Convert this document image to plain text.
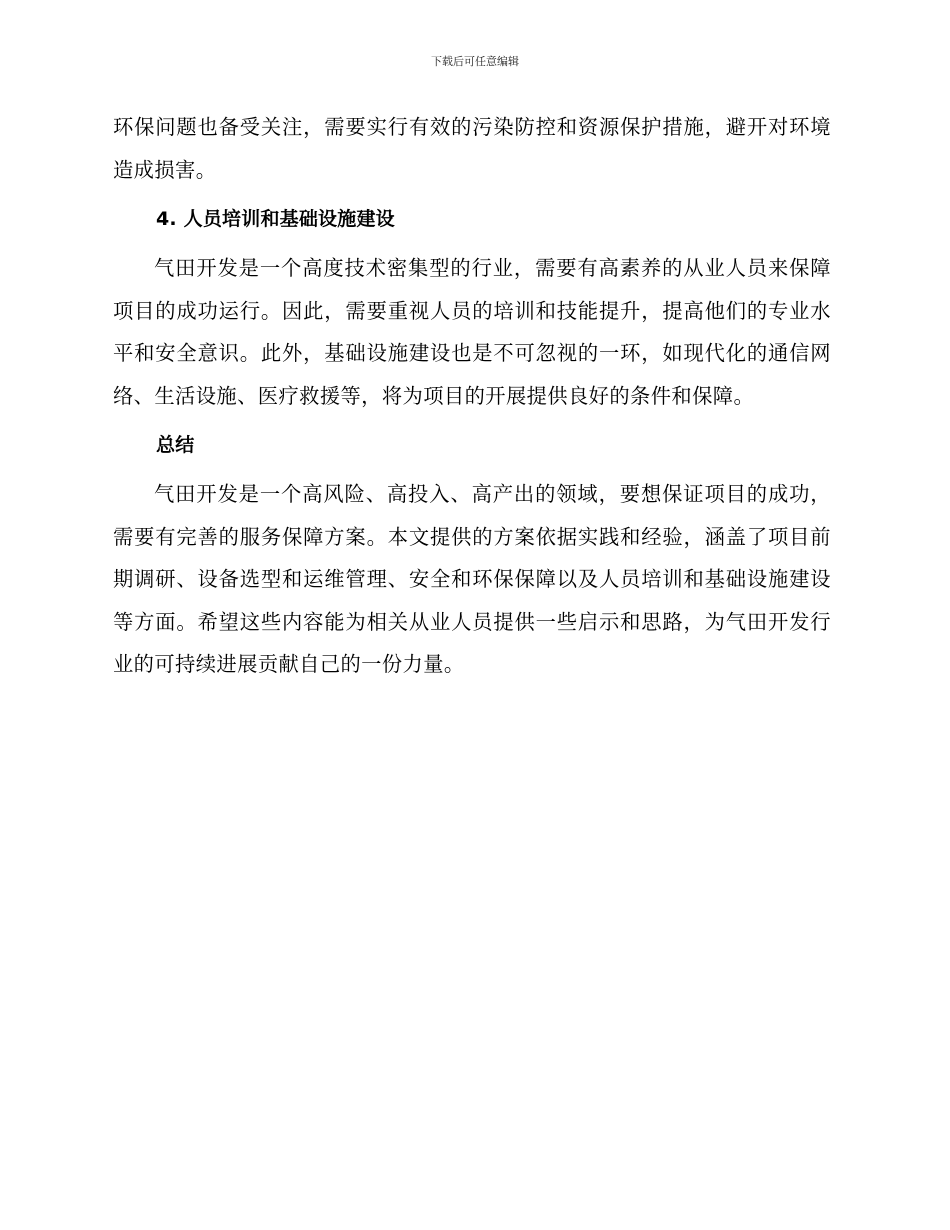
下载后可任意编辑

环保问题也备受关注，需要实行有效的污染防控和资源保护措施，避开对环境造成损害。

4. 人员培训和基础设施建设

气田开发是一个高度技术密集型的行业，需要有高素养的从业人员来保障项目的成功运行。因此，需要重视人员的培训和技能提升，提高他们的专业水平和安全意识。此外，基础设施建设也是不可忽视的一环，如现代化的通信网络、生活设施、医疗救援等，将为项目的开展提供良好的条件和保障。

总结

气田开发是一个高风险、高投入、高产出的领域，要想保证项目的成功，需要有完善的服务保障方案。本文提供的方案依据实践和经验，涵盖了项目前期调研、设备选型和运维管理、安全和环保保障以及人员培训和基础设施建设等方面。希望这些内容能为相关从业人员提供一些启示和思路，为气田开发行业的可持续进展贡献自己的一份力量。
